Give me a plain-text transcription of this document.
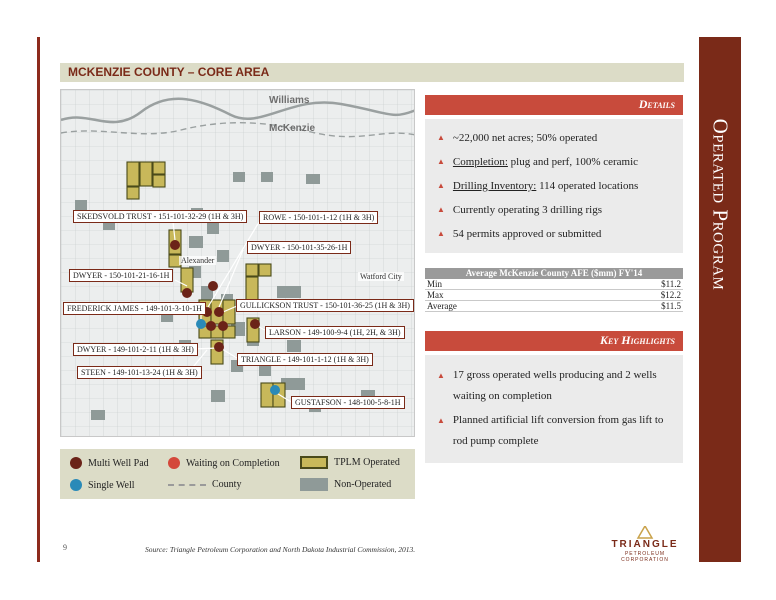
Operated Program
MCKENZIE COUNTY – CORE AREA
Williams
McKenzie
Alexander
Watford City
SKEDSVOLD TRUST - 151-101-32-29 (1H & 3H)	ROWE - 150-101-1-12 (1H & 3H)
DWYER - 150-101-35-26-1H
DWYER - 150-101-21-16-1H
FREDERICK JAMES - 149-101-3-10-1H	GULLICKSON TRUST - 150-101-36-25 (1H & 3H)
LARSON - 149-100-9-4 (1H, 2H, & 3H)
DWYER - 149-101-2-11 (1H & 3H)
TRIANGLE - 149-101-1-12 (1H & 3H)
STEEN - 149-101-13-24 (1H & 3H)
GUSTAFSON - 148-100-5-8-1H
Multi Well Pad	Waiting on Completion	TPLM Operated
Single Well	County	Non-Operated
Details
▲ ~22,000 net acres; 50% operated
▲ Completion: plug and perf, 100% ceramic
▲ Drilling Inventory: 114 operated locations
▲ Currently operating 3 drilling rigs
▲ 54 permits approved or submitted
Average McKenzie County AFE ($mm) FY'14
Min	$11.2
Max	$12.2
Average	$11.5
Key Highlights
▲ 17 gross operated wells producing and 2 wells waiting on completion
▲ Planned artificial lift conversion from gas lift to rod pump complete
9	Source: Triangle Petroleum Corporation and North Dakota Industrial Commission, 2013.	TRIANGLE
PETROLEUM CORPORATION
